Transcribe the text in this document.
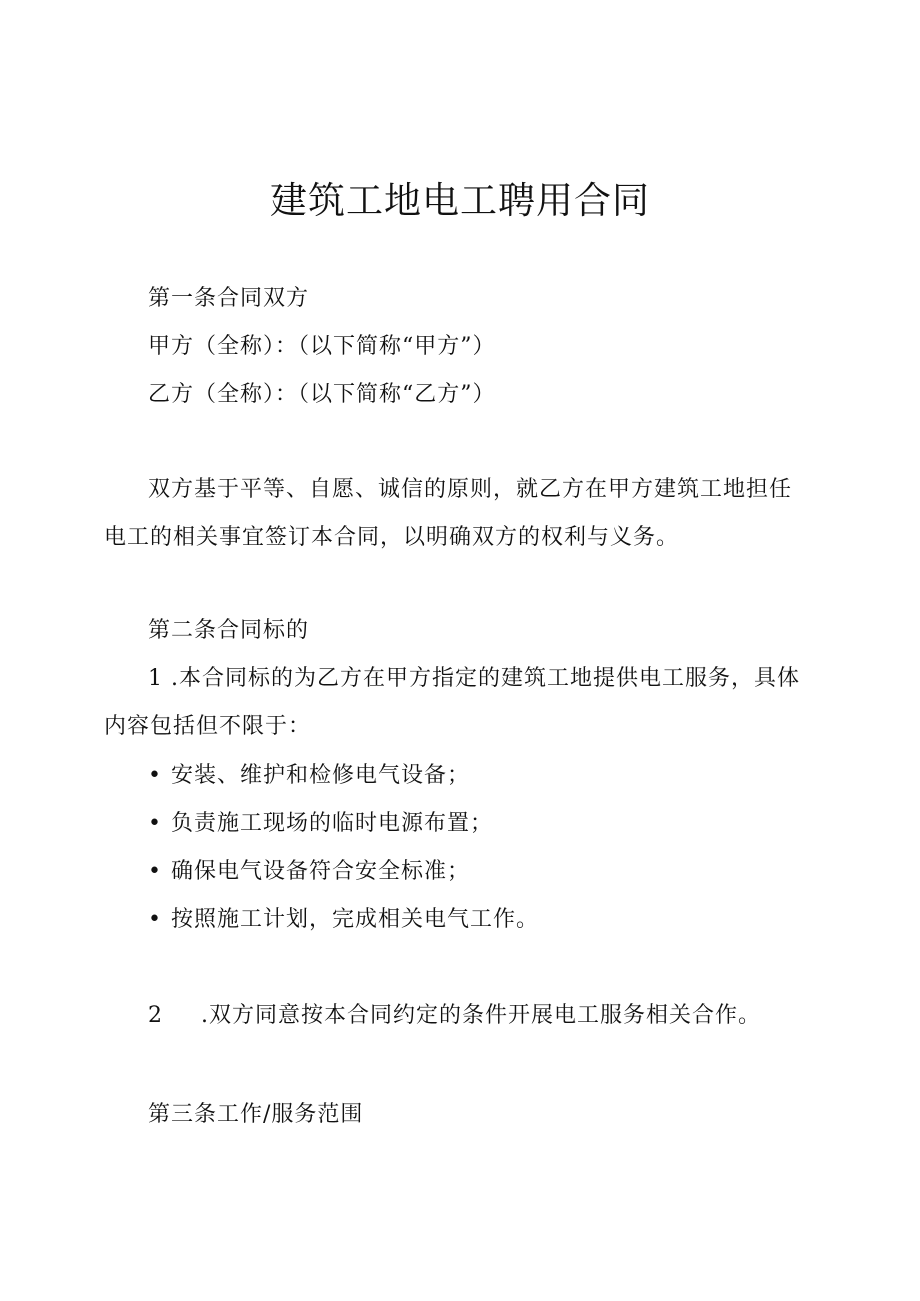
建筑工地电工聘用合同
第一条合同双方
甲方（全称）：（以下简称“甲方”）
乙方（全称）：（以下简称“乙方”）
双方基于平等、自愿、诚信的原则，就乙方在甲方建筑工地担任
电工的相关事宜签订本合同，以明确双方的权利与义务。
第二条合同标的
1 .本合同标的为乙方在甲方指定的建筑工地提供电工服务，具体
内容包括但不限于：
• 安装、维护和检修电气设备；
• 负责施工现场的临时电源布置；
• 确保电气设备符合安全标准；
• 按照施工计划，完成相关电气工作。
2 .双方同意按本合同约定的条件开展电工服务相关合作。
第三条工作/服务范围
